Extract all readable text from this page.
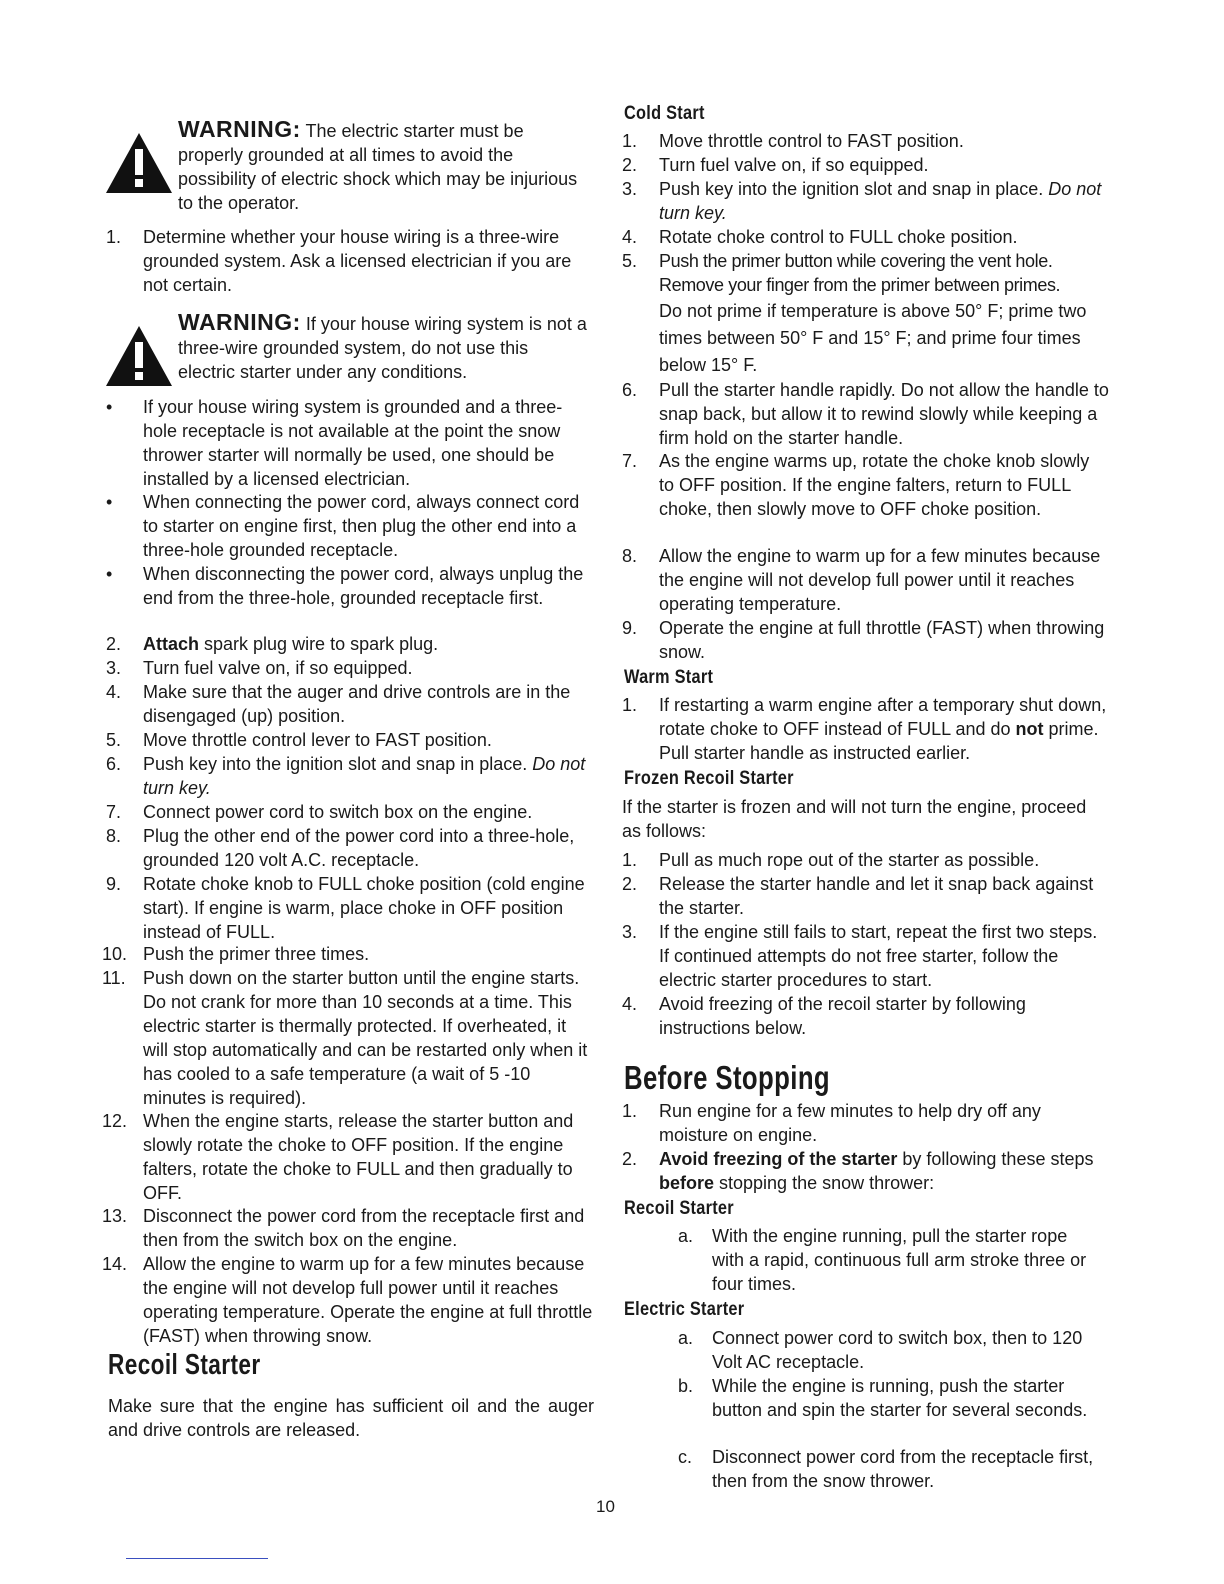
WARNING: The electric starter must be properly grounded at all times to avoid the possibility of electric shock which may be injurious to the operator.
1.	Determine whether your house wiring is a three-wire grounded system. Ask a licensed electrician if you are not certain.
WARNING: If your house wiring system is not a three-wire grounded system, do not use this electric starter under any conditions.
•	If your house wiring system is grounded and a three-hole receptacle is not available at the point the snow thrower starter will normally be used, one should be installed by a licensed electrician.
•	When connecting the power cord, always connect cord to starter on engine first, then plug the other end into a three-hole grounded receptacle.
•	When disconnecting the power cord, always unplug the end from the three-hole, grounded receptacle first.
2.	Attach spark plug wire to spark plug.
3.	Turn fuel valve on, if so equipped.
4.	Make sure that the auger and drive controls are in the disengaged (up) position.
5.	Move throttle control lever to FAST position.
6.	Push key into the ignition slot and snap in place. Do not turn key.
7.	Connect power cord to switch box on the engine.
8.	Plug the other end of the power cord into a three-hole, grounded 120 volt A.C. receptacle.
9.	Rotate choke knob to FULL choke position (cold engine start). If engine is warm, place choke in OFF position instead of FULL.
10. Push the primer three times.
11. Push down on the starter button until the engine starts. Do not crank for more than 10 seconds at a time. This electric starter is thermally protected. If overheated, it will stop automatically and can be restarted only when it has cooled to a safe temperature (a wait of 5 -10 minutes is required).
12. When the engine starts, release the starter button and slowly rotate the choke to OFF position. If the engine falters, rotate the choke to FULL and then gradually to OFF.
13. Disconnect the power cord from the receptacle first and then from the switch box on the engine.
14. Allow the engine to warm up for a few minutes because the engine will not develop full power until it reaches operating temperature. Operate the engine at full throttle (FAST) when throwing snow.
Recoil Starter
Make sure that the engine has sufficient oil and the auger and drive controls are released.
Cold Start
1.	Move throttle control to FAST position.
2.	Turn fuel valve on, if so equipped.
3.	Push key into the ignition slot and snap in place. Do not turn key.
4.	Rotate choke control to FULL choke position.
5.	Push the primer button while covering the vent hole. Remove your finger from the primer between primes.
Do not prime if temperature is above 50° F; prime two times between 50° F and 15° F; and prime four times below 15° F.
6.	Pull the starter handle rapidly. Do not allow the handle to snap back, but allow it to rewind slowly while keeping a firm hold on the starter handle.
7.	As the engine warms up, rotate the choke knob slowly to OFF position. If the engine falters, return to FULL choke, then slowly move to OFF choke position.
8.	Allow the engine to warm up for a few minutes because the engine will not develop full power until it reaches operating temperature.
9.	Operate the engine at full throttle (FAST) when throwing snow.
Warm Start
1.	If restarting a warm engine after a temporary shut down, rotate choke to OFF instead of FULL and do not prime. Pull starter handle as instructed earlier.
Frozen Recoil Starter
If the starter is frozen and will not turn the engine, proceed as follows:
1.	Pull as much rope out of the starter as possible.
2.	Release the starter handle and let it snap back against the starter.
3.	If the engine still fails to start, repeat the first two steps. If continued attempts do not free starter, follow the electric starter procedures to start.
4.	Avoid freezing of the recoil starter by following instructions below.
Before Stopping
1.	Run engine for a few minutes to help dry off any moisture on engine.
2.	Avoid freezing of the starter by following these steps before stopping the snow thrower:
Recoil Starter
a. With the engine running, pull the starter rope with a rapid, continuous full arm stroke three or four times.
Electric Starter
a. Connect power cord to switch box, then to 120 Volt AC receptacle.
b. While the engine is running, push the starter button and spin the starter for several seconds.
c. Disconnect power cord from the receptacle first, then from the snow thrower.
10
